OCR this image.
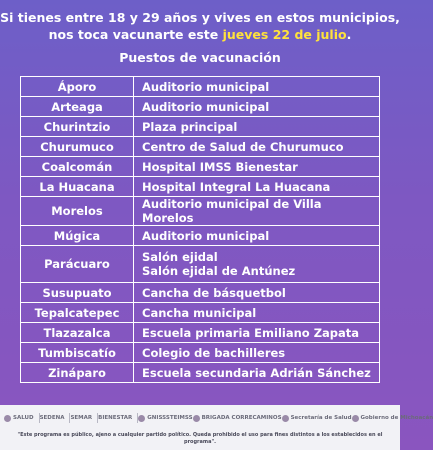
Si tienes entre 18 y 29 años y vives en estos municipios,
nos toca vacunarte este jueves 22 de julio.
Puestos de vacunación
Áporo	Auditorio municipal
Arteaga	Auditorio municipal
Churintzio	Plaza principal
Churumuco	Centro de Salud de Churumuco
Coalcomán	Hospital IMSS Bienestar
La Huacana	Hospital Integral La Huacana
Morelos	Auditorio municipal de Villa Morelos
Múgica	Auditorio municipal
Parácuaro	Salón ejidal
Salón ejidal de Antúnez

Susupuato	Cancha de básquetbol
Tepalcatepec	Cancha municipal
Tlazazalca	Escuela primaria Emiliano Zapata
Tumbiscatío	Colegio de bachilleres
Zináparo	Escuela secundaria Adrián Sánchez
SALUD SEDENA SEMAR BIENESTAR	GN ISSSTE IMSS BRIGADA CORRECAMINOS Secretaría de Salud Gobierno de Michoacán
"Este programa es público, ajeno a cualquier partido político. Queda prohibido el uso para fines distintos a los establecidos en el programa".
